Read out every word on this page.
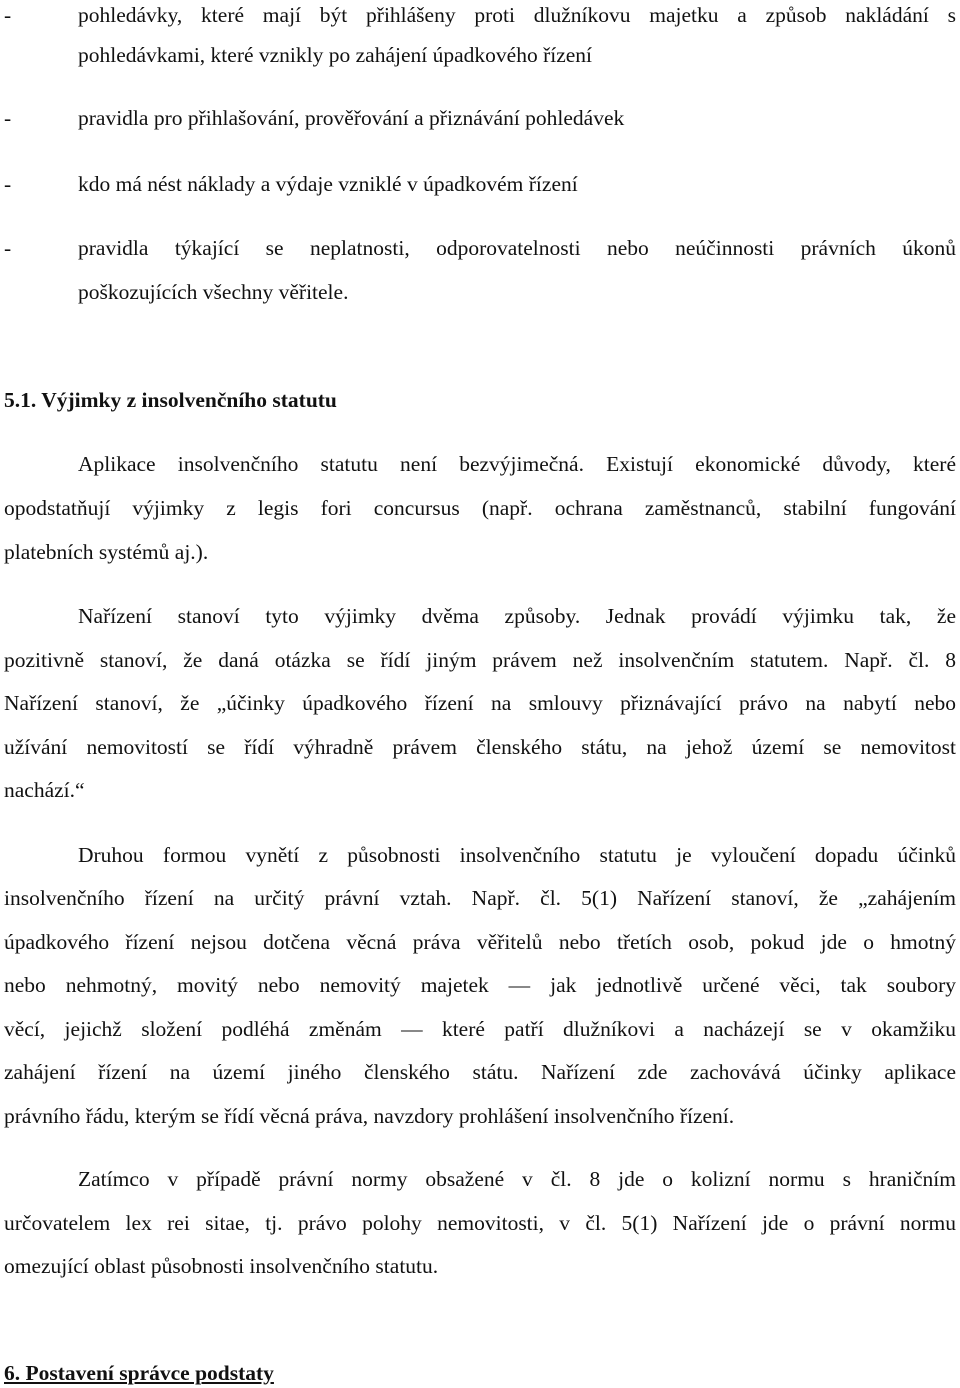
-	pohledávky, které mají být přihlášeny proti dlužníkovu majetku a způsob nakládání s
pohledávkami, které vznikly po zahájení úpadkového řízení
-	pravidla pro přihlašování, prověřování a přiznávání pohledávek
-	kdo má nést náklady a výdaje vzniklé v úpadkovém řízení
-	pravidla týkající se neplatnosti, odporovatelnosti nebo neúčinnosti právních úkonů
poškozujících všechny věřitele.
5.1. Výjimky z insolvenčního statutu
Aplikace insolvenčního statutu není bezvýjimečná. Existují ekonomické důvody, které
opodstatňují výjimky z legis fori concursus (např. ochrana zaměstnanců, stabilní fungování
platebních systémů aj.).
Nařízení stanoví tyto výjimky dvěma způsoby. Jednak provádí výjimku tak, že
pozitivně stanoví, že daná otázka se řídí jiným právem než insolvenčním statutem. Např. čl. 8
Nařízení stanoví, že „účinky úpadkového řízení na smlouvy přiznávající právo na nabytí nebo
užívání nemovitostí se řídí výhradně právem členského státu, na jehož území se nemovitost
nachází.“
Druhou formou vynětí z působnosti insolvenčního statutu je vyloučení dopadu účinků
insolvenčního řízení na určitý právní vztah. Např. čl. 5(1) Nařízení stanoví, že „zahájením
úpadkového řízení nejsou dotčena věcná práva věřitelů nebo třetích osob, pokud jde o hmotný
nebo nehmotný, movitý nebo nemovitý majetek — jak jednotlivě určené věci, tak soubory
věcí, jejichž složení podléhá změnám — které patří dlužníkovi a nacházejí se v okamžiku
zahájení řízení na území jiného členského státu. Nařízení zde zachovává účinky aplikace
právního řádu, kterým se řídí věcná práva, navzdory prohlášení insolvenčního řízení.
Zatímco v případě právní normy obsažené v čl. 8 jde o kolizní normu s hraničním
určovatelem lex rei sitae, tj. právo polohy nemovitosti, v čl. 5(1) Nařízení jde o právní normu
omezující oblast působnosti insolvenčního statutu.
6. Postavení správce podstaty
